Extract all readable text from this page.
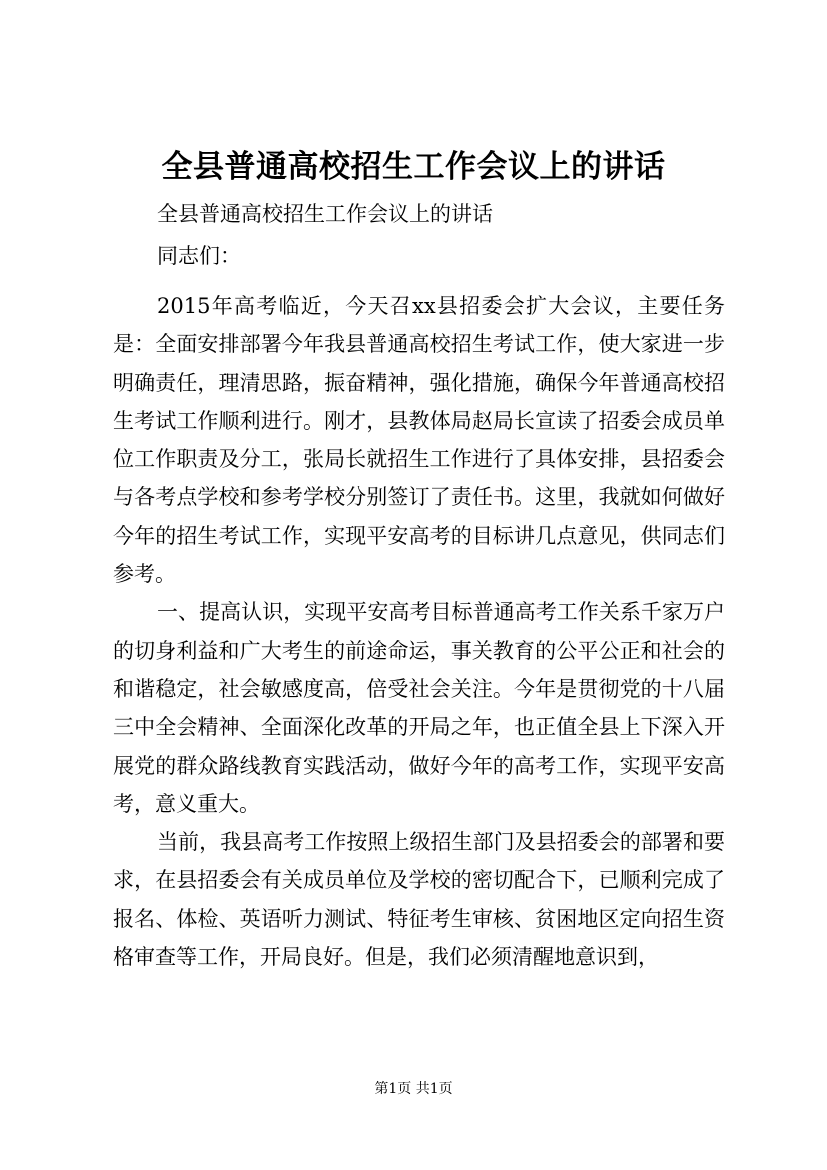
全县普通高校招生工作会议上的讲话
全县普通高校招生工作会议上的讲话
同志们：

2015年高考临近，今天召xx县招委会扩大会议，主要任务是：全面安排部署今年我县普通高校招生考试工作，使大家进一步明确责任，理清思路，振奋精神，强化措施，确保今年普通高校招生考试工作顺利进行。刚才，县教体局赵局长宣读了招委会成员单位工作职责及分工，张局长就招生工作进行了具体安排，县招委会与各考点学校和参考学校分别签订了责任书。这里，我就如何做好今年的招生考试工作，实现平安高考的目标讲几点意见，供同志们参考。

一、提高认识，实现平安高考目标普通高考工作关系千家万户的切身利益和广大考生的前途命运，事关教育的公平公正和社会的和谐稳定，社会敏感度高，倍受社会关注。今年是贯彻党的十八届三中全会精神、全面深化改革的开局之年，也正值全县上下深入开展党的群众路线教育实践活动，做好今年的高考工作，实现平安高考，意义重大。

当前，我县高考工作按照上级招生部门及县招委会的部署和要求，在县招委会有关成员单位及学校的密切配合下，已顺利完成了报名、体检、英语听力测试、特征考生审核、贫困地区定向招生资格审查等工作，开局良好。但是，我们必须清醒地意识到，

第1页 共1页
